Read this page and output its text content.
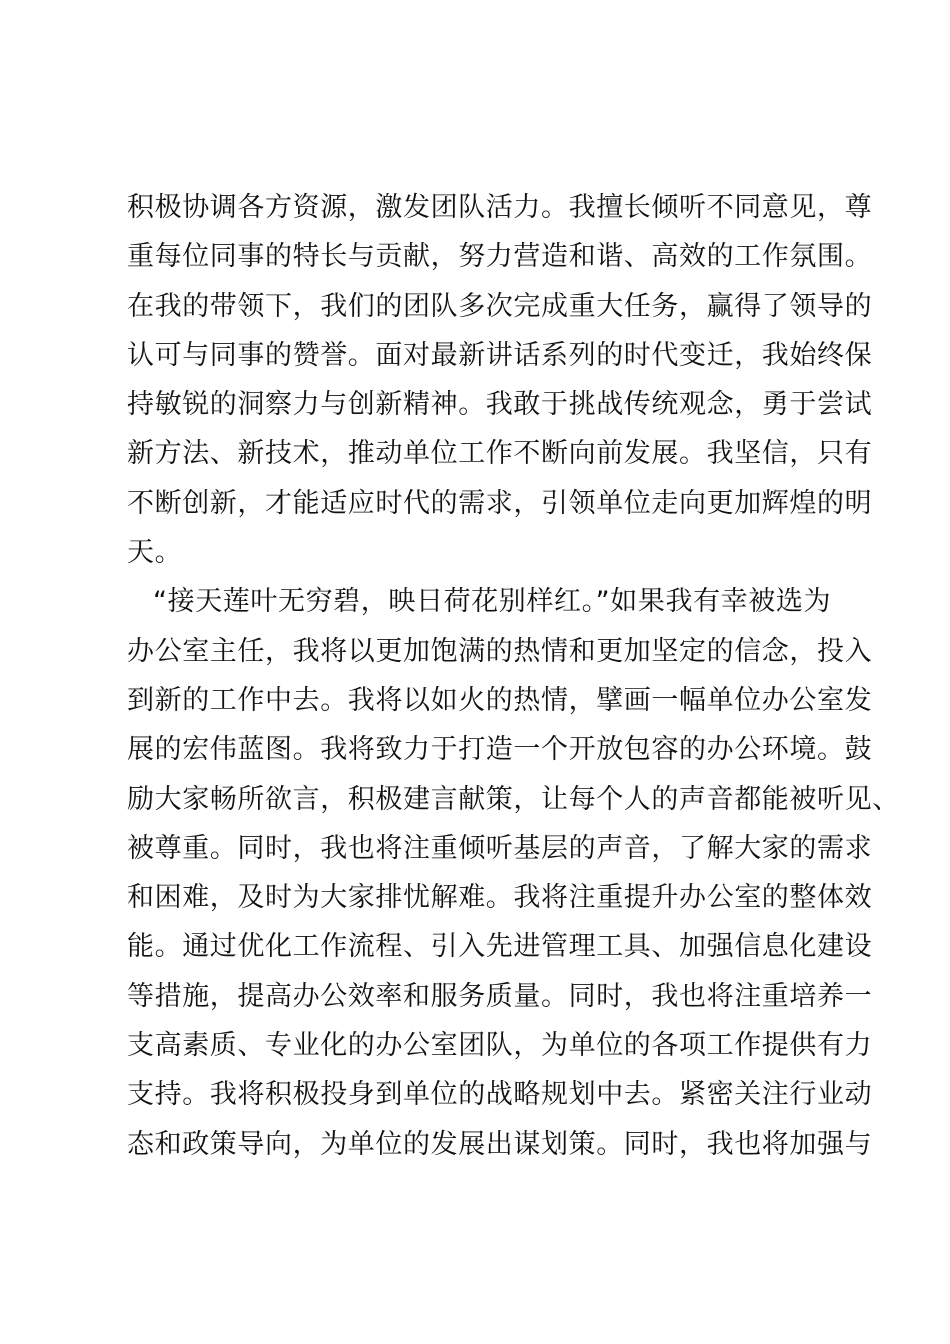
积极协调各方资源，激发团队活力。我擅长倾听不同意见，尊
重每位同事的特长与贡献，努力营造和谐、高效的工作氛围。
在我的带领下，我们的团队多次完成重大任务，赢得了领导的
认可与同事的赞誉。面对最新讲话系列的时代变迁，我始终保
持敏锐的洞察力与创新精神。我敢于挑战传统观念，勇于尝试
新方法、新技术，推动单位工作不断向前发展。我坚信，只有
不断创新，才能适应时代的需求，引领单位走向更加辉煌的明
天。
“接天莲叶无穷碧，映日荷花别样红。”如果我有幸被选为
办公室主任，我将以更加饱满的热情和更加坚定的信念，投入
到新的工作中去。我将以如火的热情，擘画一幅单位办公室发
展的宏伟蓝图。我将致力于打造一个开放包容的办公环境。鼓
励大家畅所欲言，积极建言献策，让每个人的声音都能被听见、
被尊重。同时，我也将注重倾听基层的声音，了解大家的需求
和困难，及时为大家排忧解难。我将注重提升办公室的整体效
能。通过优化工作流程、引入先进管理工具、加强信息化建设
等措施，提高办公效率和服务质量。同时，我也将注重培养一
支高素质、专业化的办公室团队，为单位的各项工作提供有力
支持。我将积极投身到单位的战略规划中去。紧密关注行业动
态和政策导向，为单位的发展出谋划策。同时，我也将加强与
